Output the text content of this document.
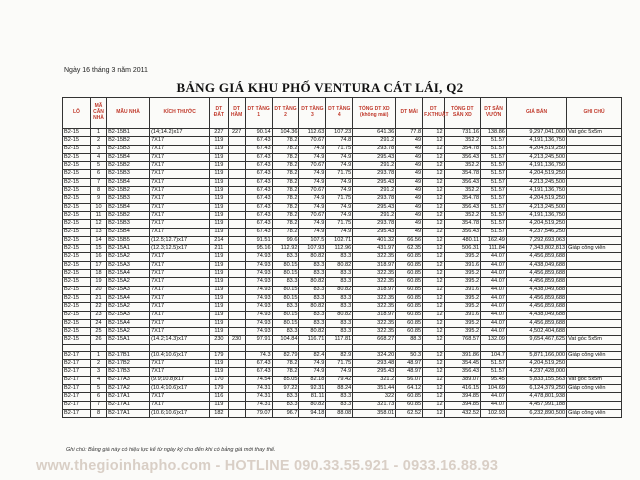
Ngày 16 tháng 3 năm 2011
BẢNG GIÁ KHU PHỐ VENTURA CÁT LÁI, Q2
LÔ	MÃ CĂN NHÀ	MÃU NHÀ	KÍCH THƯỚC	DT ĐẤT	DT HẦM	DT TẦNG 1	DT TẦNG 2	DT TẦNG 3	DT TẦNG 4	TỔNG DT XD (không mái)	DT MÁI	DT F.KTHUẬT	TỔNG DT SÀN XD	DT SÂN VƯỜN	GIÁ BÁN	GHI CHÚ
B2-15	1	B2-15B1	(14;14.2)x17	227	227	90.14	104.36	112.63	107.23	641.36	77.8	12	731.16	138.86	9,297,041,000	Vat góc 5x5m
B2-15	2	B2-15B2	7X17	119		67.43	78.2	70.67	74.8	291.2	49	12	352.2	51.57	4,191,136,750	
B2-15	3	B2-15B3	7X17	119		67.43	78.2	74.9	71.75	293.78	49	12	354.78	51.57	4,204,519,250	
B2-15	4	B2-15B4	7X17	119		67.43	78.2	74.9	74.9	295.43	49	12	356.43	51.57	4,213,245,500	
B2-15	5	B2-15B2	7X17	119		67.43	78.2	70.67	74.9	291.2	49	12	352.2	51.57	4,191,136,750	
B2-15	6	B2-15B3	7X17	119		67.43	78.2	74.9	71.75	293.78	49	12	354.78	51.57	4,204,519,250	
B2-15	7	B2-15B4	7X17	119		67.43	78.2	74.9	74.9	295.43	49	12	356.43	51.57	4,213,245,500	
B2-15	8	B2-15B2	7X17	119		67.43	78.2	70.67	74.9	291.2	49	12	352.2	51.57	4,191,136,750	
B2-15	9	B2-15B3	7X17	119		67.43	78.2	74.9	71.75	293.78	49	12	354.78	51.57	4,204,519,250	
B2-15	10	B2-15B4	7X17	119		67.43	78.2	74.9	74.9	295.43	49	12	356.43	51.57	4,213,245,500	
B2-15	11	B2-15B2	7X17	119		67.43	78.2	70.67	74.9	291.2	49	12	352.2	51.57	4,191,136,750	
B2-15	12	B2-15B3	7X17	119		67.43	78.2	74.9	71.75	293.78	49	12	354.78	51.57	4,204,519,250	
B2-15	13	B2-15B4	7X17	119		67.43	78.2	74.9	74.9	295.43	49	12	356.43	51.57	4,237,546,250	
B2-15	14	B2-15B5	(12.5;12.7)x17	214		91.51	99.6	107.5	102.71	401.32	66.56	12	480.11	162.49	7,292,693,063	
B2-15	15	B2-15A1	(12.3;12.5)x17	211		95.16	112.92	107.93	112.96	431.97	62.35	12	506.31	111.84	7,343,802,813	Giáp công viên
B2-15	16	B2-15A2	7X17	119		74.93	83.3	80.82	83.3	322.35	60.85	12	395.2	44.07	4,456,859,688	
B2-15	17	B2-15A3	7X17	119		74.93	80.15	83.3	80.82	318.97	60.85	12	391.6	44.07	4,438,049,688	
B2-15	18	B2-15A4	7X17	119		74.93	80.15	83.3	83.3	322.35	60.85	12	395.2	44.07	4,456,859,688	
B2-15	19	B2-15A2	7X17	119		74.93	83.3	80.82	83.3	322.35	60.85	12	395.2	44.07	4,456,859,688	
B2-15	20	B2-15A3	7X17	119		74.93	80.15	83.3	80.82	318.97	60.85	12	391.6	44.07	4,438,049,688	
B2-15	21	B2-15A4	7X17	119		74.93	80.15	83.3	83.3	322.35	60.85	12	395.2	44.07	4,456,859,688	
B2-15	22	B2-15A2	7X17	119		74.93	83.3	80.82	83.3	322.35	60.85	12	395.2	44.07	4,456,859,688	
B2-15	23	B2-15A3	7X17	119		74.93	80.15	83.3	80.82	318.97	60.85	12	391.6	44.07	4,438,049,688	
B2-15	24	B2-15A4	7X17	119		74.93	80.15	83.3	83.3	322.35	60.85	12	395.2	44.07	4,456,859,688	
B2-15	25	B2-15A2	7X17	119		74.93	83.3	80.82	83.3	322.35	60.85	12	395.2	44.07	4,502,404,688	
B2-15	26	B2-15A1	(14.2;14.3)x17	230	230	97.91	104.84	116.71	117.81	668.27	88.3	12	768.57	132.09	9,654,467,625	Vat góc 5x5m

B2-17	1	B2-17B1	(10.4;10.6)x17	179		74.3	82.79	82.4	82.9	324.20	50.3	12	391.86	104.7	5,871,166,000	Giáp công viên
B2-17	2	B2-17B2	7X17	119		67.43	78.2	74.9	71.75	293.48	48.97	12	354.45	51.57	4,204,519,250	
B2-17	3	B2-17B3	7X17	119		67.43	78.2	74.9	74.9	295.43	48.97	12	356.43	51.57	4,237,428,000	
B2-17	4	B2-17A3	(9.9;10.8)x17	170		74.54	85.05	82.18	79.42	321.2	56.07	12	389.07	95.45	5,833,155,563	Vat góc 5x5m
B2-17	5	B2-17A2	(10.4;10.6)x17	179		74.31	97.22	92.31	88.24	351.44	64.12	12	416.15	104.69	6,124,379,250	Giáp công viên
B2-17	6	B2-17A1	7X17	116		74.31	83.3	81.11	83.3	322	60.85	12	394.85	44.07	4,478,801,938	
B2-17	7	B2-17A1	7X17	119		74.31	83.3	80.82	83.3	321.73	60.85	12	394.85	44.07	4,457,991,188	
B2-17	8	B2-17A1	(10.6;10.6)x17	182		79.07	96.7	94.18	88.08	358.01	62.52	12	432.52	102.93	6,232,890,500	Giáp công viên
Ghi chú: Bảng giá này có hiệu lực kể từ ngày ký cho đến khi có bảng giá mới thay thế.
www.thegioinhapho.com - HOTLINE 090.33.55.921 - 0933.16.88.93
